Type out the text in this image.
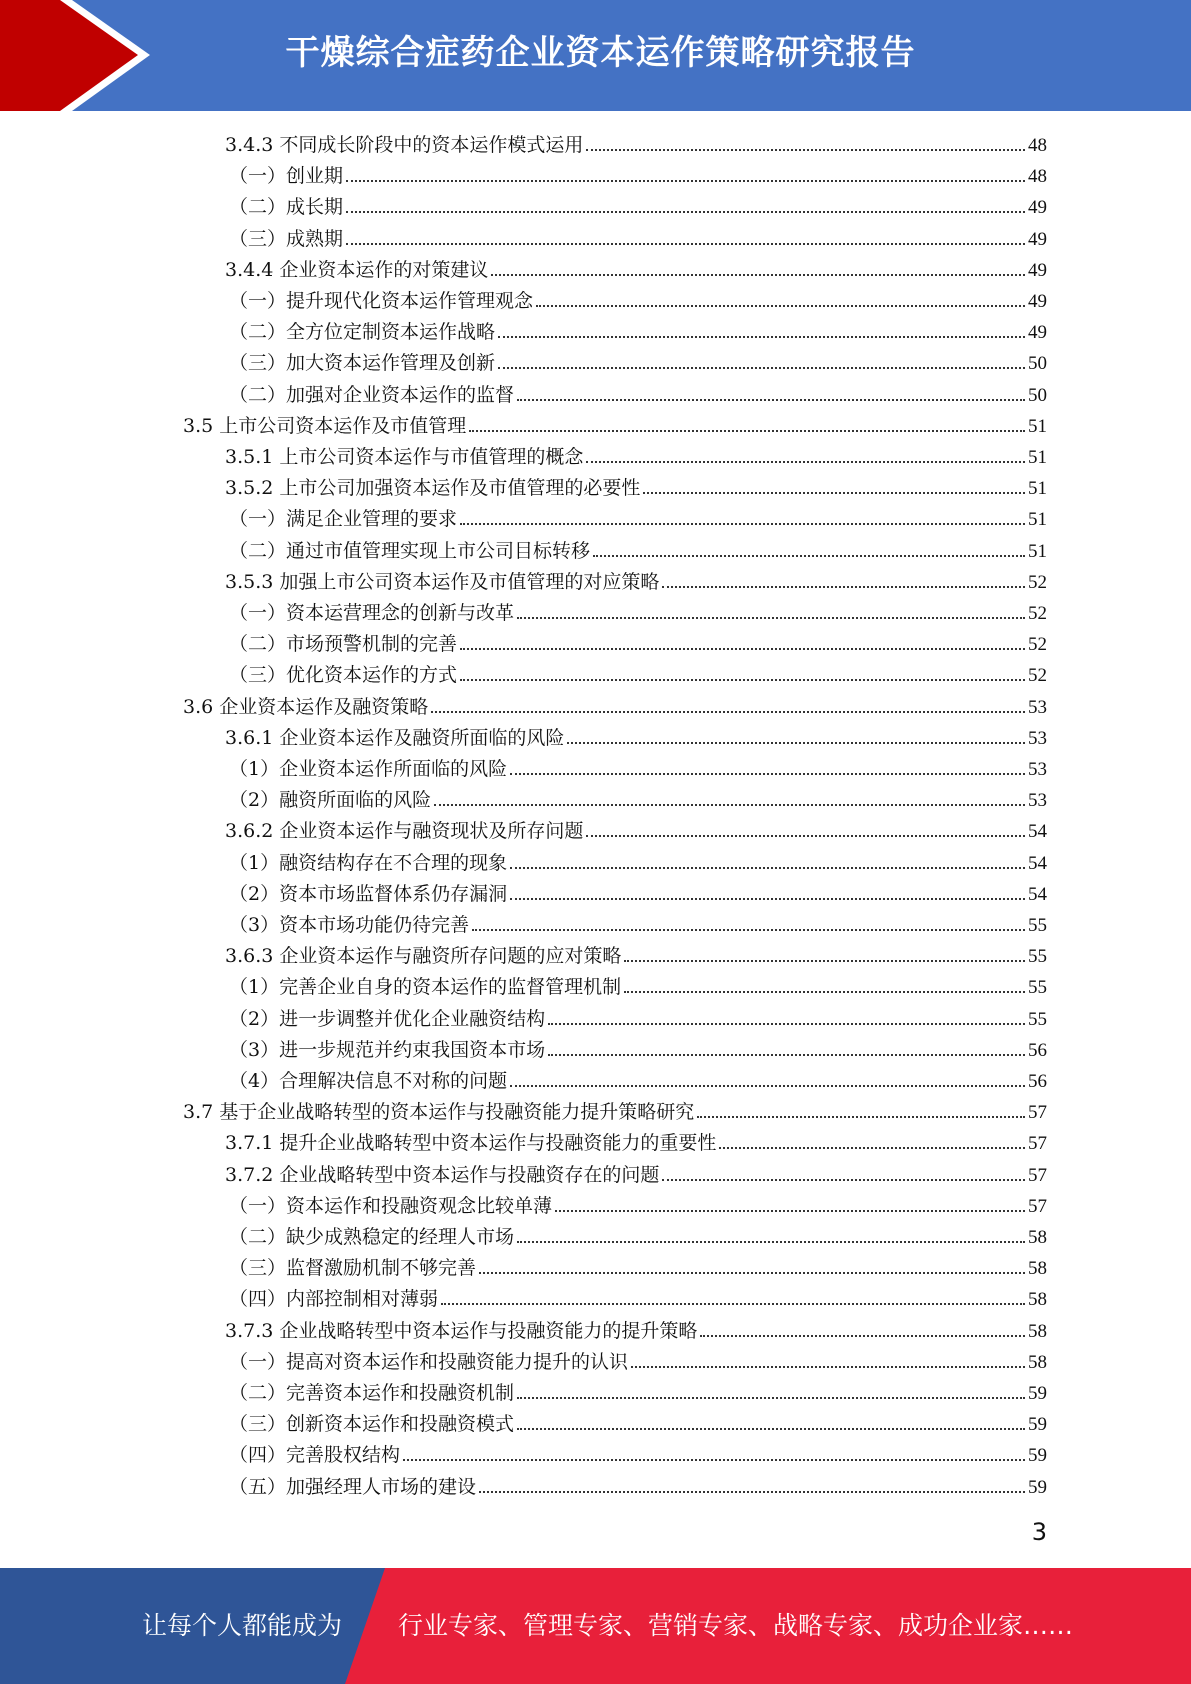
干燥综合症药企业资本运作策略研究报告
3.4.3 不同成长阶段中的资本运作模式运用	48
（一）创业期	48
（二）成长期	49
（三）成熟期	49
3.4.4 企业资本运作的对策建议	49
（一）提升现代化资本运作管理观念	49
（二）全方位定制资本运作战略	49
（三）加大资本运作管理及创新	50
（二）加强对企业资本运作的监督	50
3.5 上市公司资本运作及市值管理	51
3.5.1 上市公司资本运作与市值管理的概念	51
3.5.2 上市公司加强资本运作及市值管理的必要性	51
（一）满足企业管理的要求	51
（二）通过市值管理实现上市公司目标转移	51
3.5.3 加强上市公司资本运作及市值管理的对应策略	52
（一）资本运营理念的创新与改革	52
（二）市场预警机制的完善	52
（三）优化资本运作的方式	52
3.6 企业资本运作及融资策略	53
3.6.1 企业资本运作及融资所面临的风险	53
（1）企业资本运作所面临的风险	53
（2）融资所面临的风险	53
3.6.2 企业资本运作与融资现状及所存问题	54
（1）融资结构存在不合理的现象	54
（2）资本市场监督体系仍存漏洞	54
（3）资本市场功能仍待完善	55
3.6.3 企业资本运作与融资所存问题的应对策略	55
（1）完善企业自身的资本运作的监督管理机制	55
（2）进一步调整并优化企业融资结构	55
（3）进一步规范并约束我国资本市场	56
（4）合理解决信息不对称的问题	56
3.7 基于企业战略转型的资本运作与投融资能力提升策略研究	57
3.7.1 提升企业战略转型中资本运作与投融资能力的重要性	57
3.7.2 企业战略转型中资本运作与投融资存在的问题	57
（一）资本运作和投融资观念比较单薄	57
（二）缺少成熟稳定的经理人市场	58
（三）监督激励机制不够完善	58
（四）内部控制相对薄弱	58
3.7.3 企业战略转型中资本运作与投融资能力的提升策略	58
（一）提高对资本运作和投融资能力提升的认识	58
（二）完善资本运作和投融资机制	59
（三）创新资本运作和投融资模式	59
（四）完善股权结构	59
（五）加强经理人市场的建设	59
3
让每个人都能成为 行业专家、管理专家、营销专家、战略专家、成功企业家……
